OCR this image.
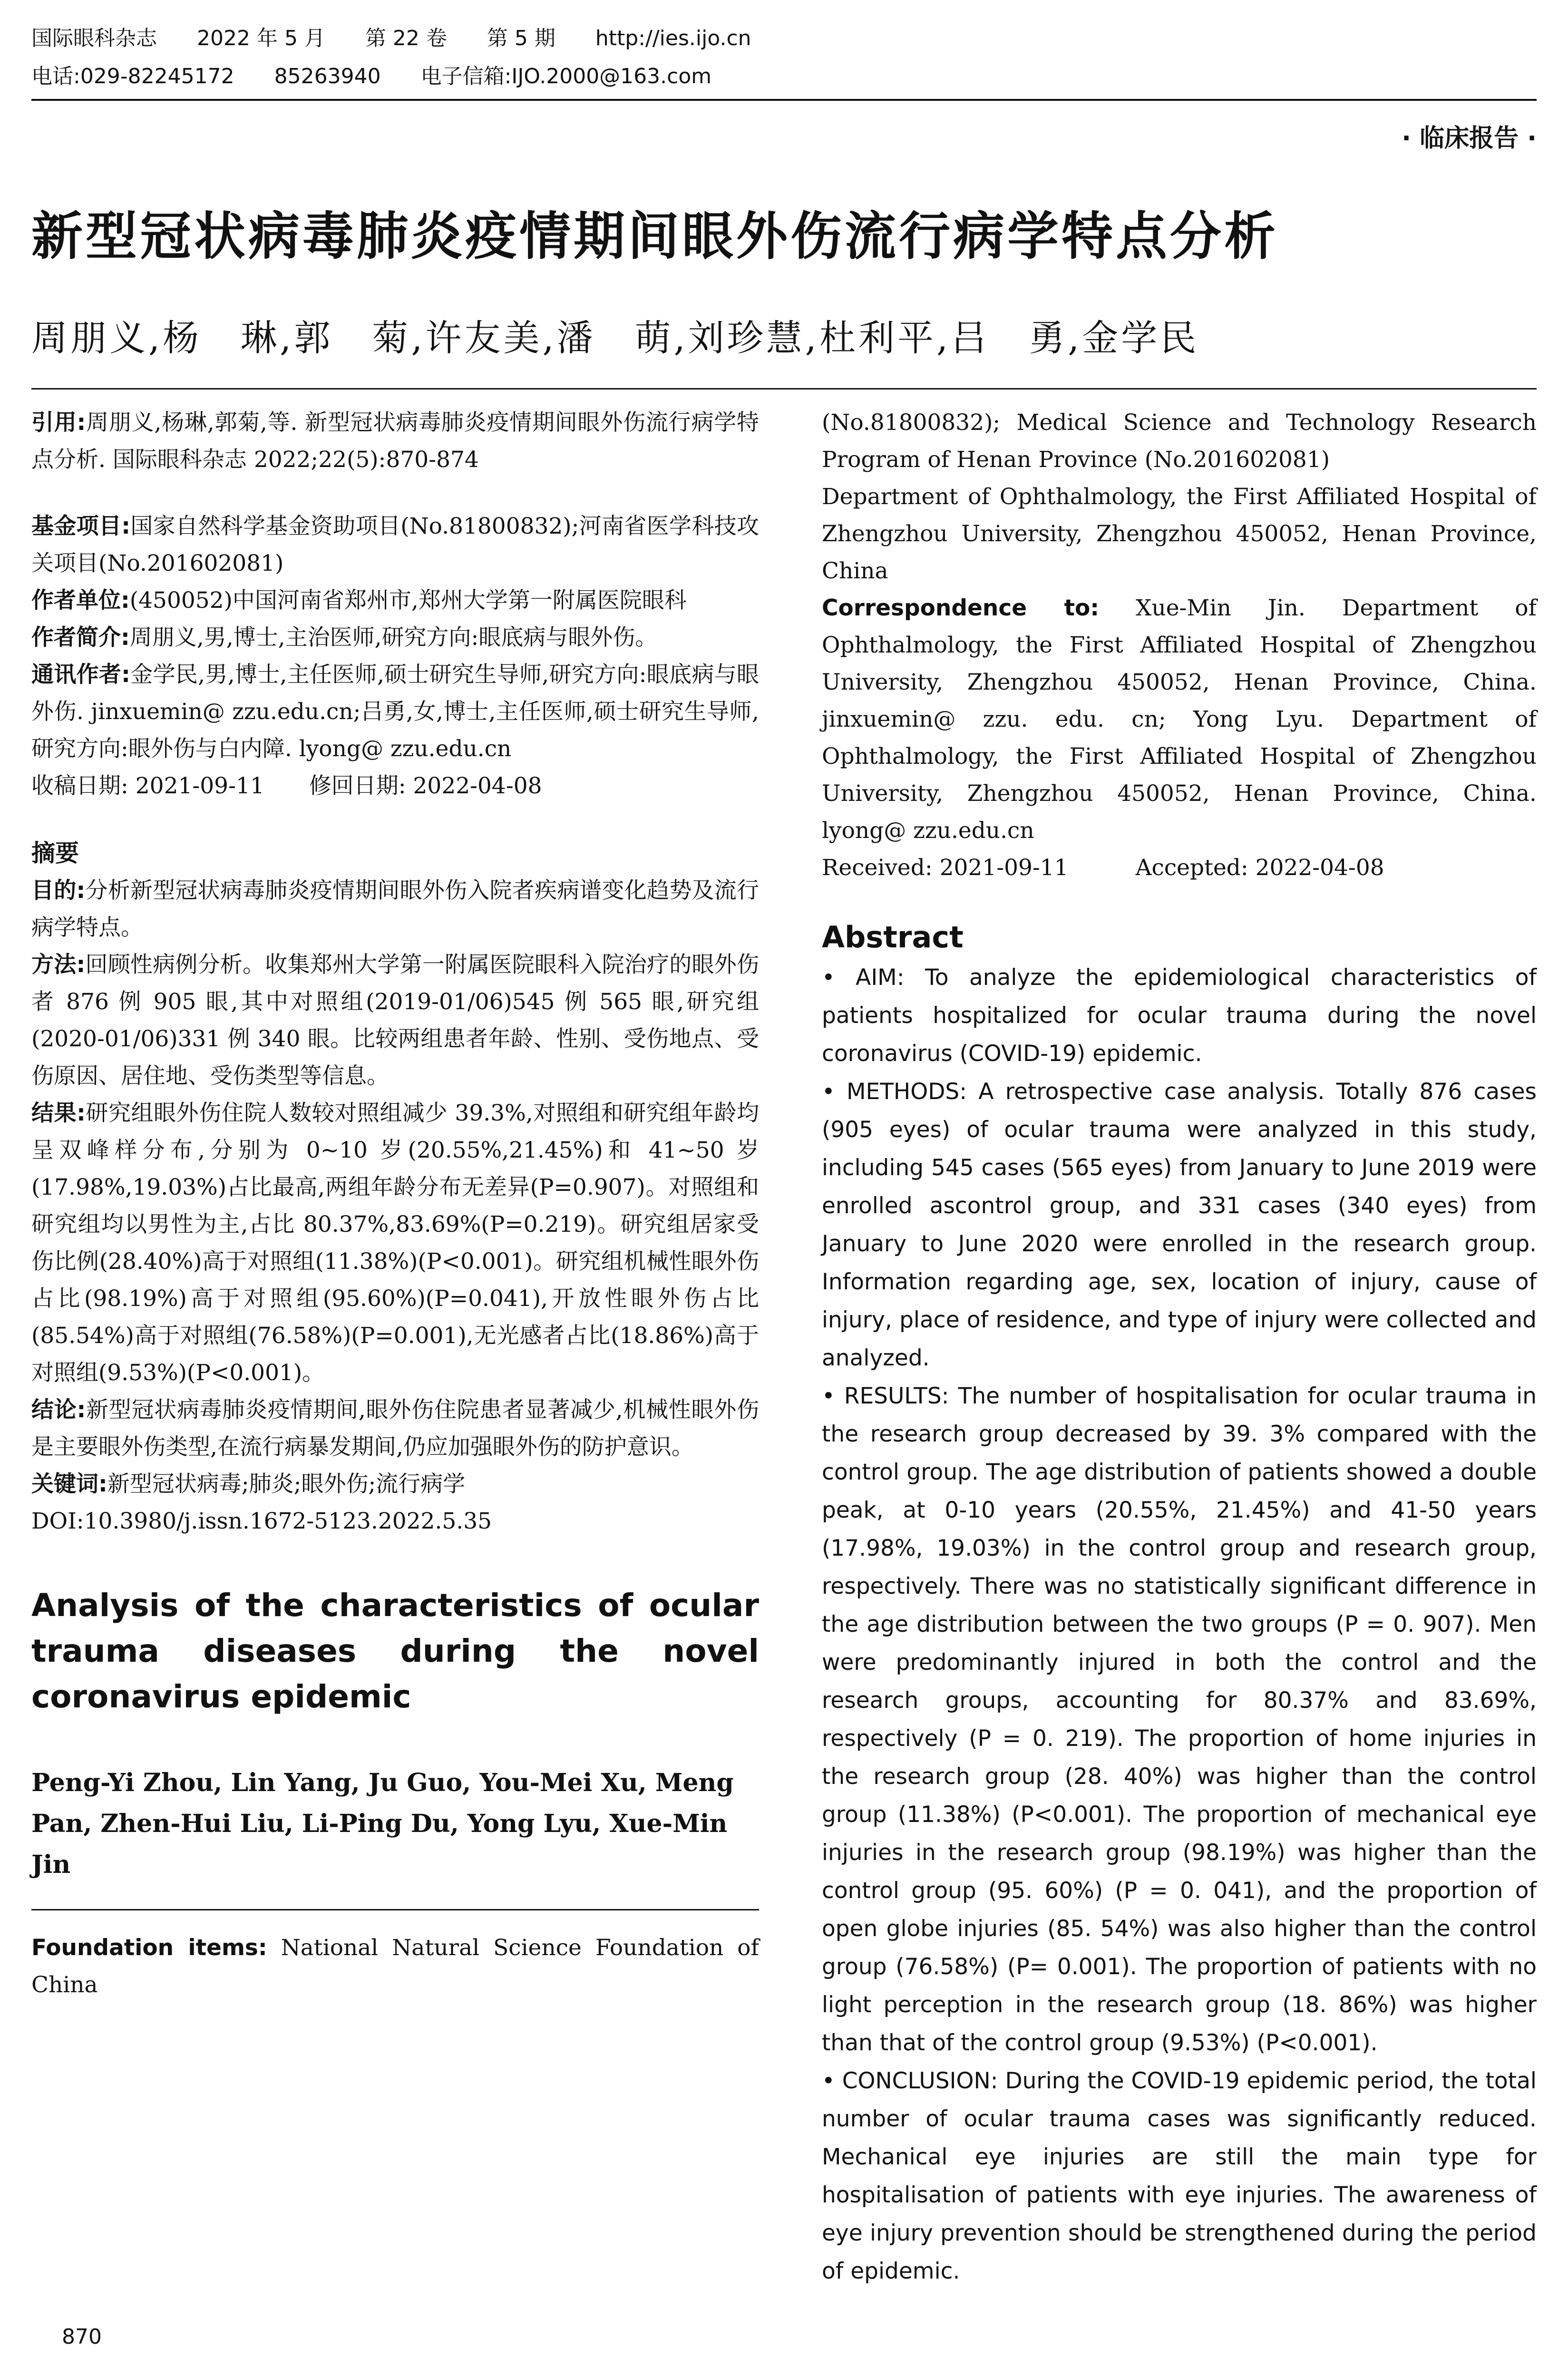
国际眼科杂志 2022 年 5 月 第 22 卷 第 5 期 http://ies.ijo.cn
电话:029-82245172 85263940 电子信箱:IJO.2000@163.com
· 临床报告 ·
新型冠状病毒肺炎疫情期间眼外伤流行病学特点分析
周朋义,杨　琳,郭　菊,许友美,潘　萌,刘珍慧,杜利平,吕　勇,金学民

引用:周朋义,杨琳,郭菊,等. 新型冠状病毒肺炎疫情期间眼外伤流行病学特点分析. 国际眼科杂志 2022;22(5):870-874

基金项目:国家自然科学基金资助项目(No.81800832);河南省医学科技攻关项目(No.201602081)

作者单位:(450052)中国河南省郑州市,郑州大学第一附属医院眼科

作者简介:周朋义,男,博士,主治医师,研究方向:眼底病与眼外伤。

通讯作者:金学民,男,博士,主任医师,硕士研究生导师,研究方向:眼底病与眼外伤. jinxuemin@ zzu.edu.cn;吕勇,女,博士,主任医师,硕士研究生导师,研究方向:眼外伤与白内障. lyong@ zzu.edu.cn

收稿日期: 2021-09-11　　修回日期: 2022-04-08

摘要

目的:分析新型冠状病毒肺炎疫情期间眼外伤入院者疾病谱变化趋势及流行病学特点。

方法:回顾性病例分析。收集郑州大学第一附属医院眼科入院治疗的眼外伤者 876 例 905 眼,其中对照组(2019-01/06)545 例 565 眼,研究组(2020-01/06)331 例 340 眼。比较两组患者年龄、性别、受伤地点、受伤原因、居住地、受伤类型等信息。

结果:研究组眼外伤住院人数较对照组减少 39.3%,对照组和研究组年龄均呈双峰样分布,分别为 0~10 岁(20.55%,21.45%)和 41~50 岁(17.98%,19.03%)占比最高,两组年龄分布无差异(P=0.907)。对照组和研究组均以男性为主,占比 80.37%,83.69%(P=0.219)。研究组居家受伤比例(28.40%)高于对照组(11.38%)(P<0.001)。研究组机械性眼外伤占比(98.19%)高于对照组(95.60%)(P=0.041),开放性眼外伤占比(85.54%)高于对照组(76.58%)(P=0.001),无光感者占比(18.86%)高于对照组(9.53%)(P<0.001)。

结论:新型冠状病毒肺炎疫情期间,眼外伤住院患者显著减少,机械性眼外伤是主要眼外伤类型,在流行病暴发期间,仍应加强眼外伤的防护意识。

关键词:新型冠状病毒;肺炎;眼外伤;流行病学

DOI:10.3980/j.issn.1672-5123.2022.5.35

Analysis of the characteristics of ocular trauma diseases during the novel coronavirus epidemic

Peng-Yi Zhou, Lin Yang, Ju Guo, You-Mei Xu, Meng Pan, Zhen-Hui Liu, Li-Ping Du, Yong Lyu, Xue-Min Jin

Foundation items: National Natural Science Foundation of China

(No.81800832); Medical Science and Technology Research Program of Henan Province (No.201602081)

Department of Ophthalmology, the First Affiliated Hospital of Zhengzhou University, Zhengzhou 450052, Henan Province, China

Correspondence to: Xue-Min Jin. Department of Ophthalmology, the First Affiliated Hospital of Zhengzhou University, Zhengzhou 450052, Henan Province, China. jinxuemin@ zzu. edu. cn; Yong Lyu. Department of Ophthalmology, the First Affiliated Hospital of Zhengzhou University, Zhengzhou 450052, Henan Province, China. lyong@ zzu.edu.cn

Received: 2021-09-11　　　Accepted: 2022-04-08

Abstract

• AIM: To analyze the epidemiological characteristics of patients hospitalized for ocular trauma during the novel coronavirus (COVID-19) epidemic.

• METHODS: A retrospective case analysis. Totally 876 cases (905 eyes) of ocular trauma were analyzed in this study, including 545 cases (565 eyes) from January to June 2019 were enrolled ascontrol group, and 331 cases (340 eyes) from January to June 2020 were enrolled in the research group. Information regarding age, sex, location of injury, cause of injury, place of residence, and type of injury were collected and analyzed.

• RESULTS: The number of hospitalisation for ocular trauma in the research group decreased by 39. 3% compared with the control group. The age distribution of patients showed a double peak, at 0-10 years (20.55%, 21.45%) and 41-50 years (17.98%, 19.03%) in the control group and research group, respectively. There was no statistically significant difference in the age distribution between the two groups (P = 0. 907). Men were predominantly injured in both the control and the research groups, accounting for 80.37% and 83.69%, respectively (P = 0. 219). The proportion of home injuries in the research group (28. 40%) was higher than the control group (11.38%) (P<0.001). The proportion of mechanical eye injuries in the research group (98.19%) was higher than the control group (95. 60%) (P = 0. 041), and the proportion of open globe injuries (85. 54%) was also higher than the control group (76.58%) (P= 0.001). The proportion of patients with no light perception in the research group (18. 86%) was higher than that of the control group (9.53%) (P<0.001).

• CONCLUSION: During the COVID-19 epidemic period, the total number of ocular trauma cases was significantly reduced. Mechanical eye injuries are still the main type for hospitalisation of patients with eye injuries. The awareness of eye injury prevention should be strengthened during the period of epidemic.

870
